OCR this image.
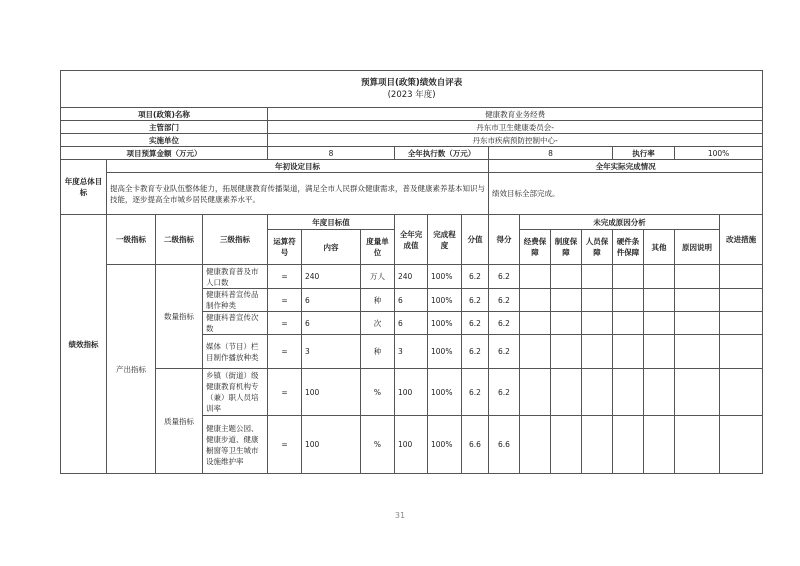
预算项目(政策)绩效自评表
(2023 年度)																	

项目(政策)名称				健康教育业务经费													
主管部门				丹东市卫生健康委员会-													
实施单位				丹东市疾病预防控制中心-													
项目预算金额（万元）				8			全年执行数（万元）			8				执行率		100%	
年度总体目标	年初设定目标									全年实际完成情况							
	提高全卡教育专业队伍整体能力，拓展健康教育传播渠道，满足全市人民群众健康需求，普及健康素养基本知识与技能，逐步提高全市城乡居民健康素养水平。									绩效目标全部完成。							
绩效指标	一级指标	二级指标	三级指标	年度目标值			全年完成值	完成程度	分值	得分	未完成原因分析						改进措施
				运算符号	内容	度量单位					经费保障	制度保障	人员保障	硬件条件保障	其他	原因说明	
	产出指标	数量指标	健康教育普及市人口数	=	240	万人	240	100%	6.2	6.2							
			健康科普宣传品制作种类	=	6	种	6	100%	6.2	6.2							
			健康科普宣传次数	=	6	次	6	100%	6.2	6.2							
			媒体（节目）栏目制作播放种类	=	3	种	3	100%	6.2	6.2							
		质量指标	乡镇（街道）级健康教育机构专（兼）职人员培训率	=	100	%	100	100%	6.2	6.2							
			健康主题公园、健康步道、健康橱窗等卫生城市设施维护率	=	100	%	100	100%	6.6	6.6							
31
